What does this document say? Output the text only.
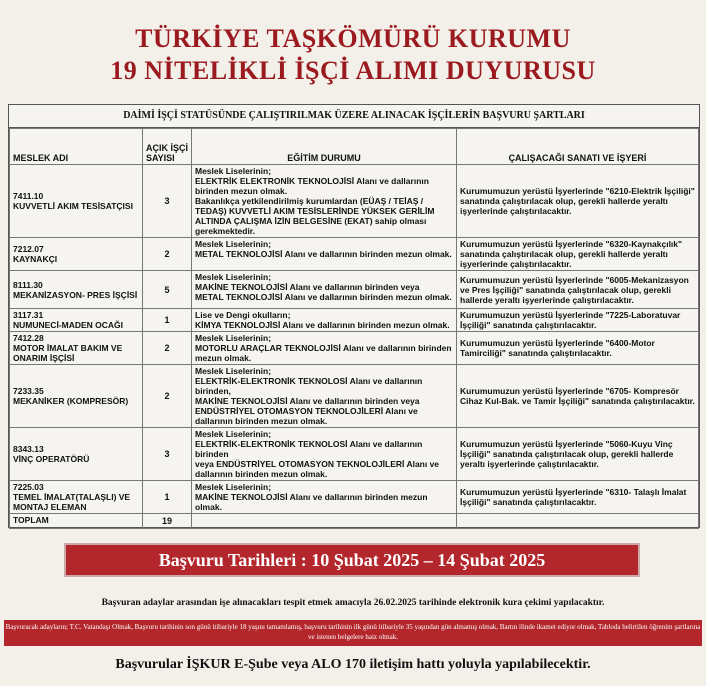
TÜRKİYE TAŞKÖMÜRÜ KURUMU
19 NİTELİKLİ İŞÇİ ALIMI DUYURUSU
DAİMİ İŞÇİ STATÜSÜNDE ÇALIŞTIRILMAK ÜZERE ALINACAK İŞÇİLERİN BAŞVURU ŞARTLARI
MESLEK ADI	AÇIK İŞÇİ SAYISI	EĞİTİM DURUMU	ÇALIŞACAĞI SANATI VE İŞYERİ

7411.10
KUVVETLİ AKIM TESİSATÇISI	3	Meslek Liselerinin;
ELEKTRİK ELEKTRONİK TEKNOLOJİSİ Alanı ve dallarının birinden mezun olmak.
Bakanlıkça yetkilendirilmiş kurumlardan (EÜAŞ / TEİAŞ / TEDAŞ) KUVVETLİ AKIM TESİSLERİNDE YÜKSEK GERİLİM ALTINDA ÇALIŞMA İZİN BELGESİNE (EKAT) sahip olması gerekmektedir.	Kurumumuzun yerüstü İşyerlerinde "6210-Elektrik İşçiliği" sanatında çalıştırılacak olup, gerekli hallerde yeraltı işyerlerinde çalıştırılacaktır.

7212.07
KAYNAKÇI	2	Meslek Liselerinin;
METAL TEKNOLOJİSİ Alanı ve dallarının birinden mezun olmak.	Kurumumuzun yerüstü İşyerlerinde "6320-Kaynakçılık" sanatında çalıştırılacak olup, gerekli hallerde yeraltı işyerlerinde çalıştırılacaktır.

8111.30
MEKANİZASYON- PRES İŞÇİSİ	5	Meslek Liselerinin;
MAKİNE TEKNOLOJİSİ Alanı ve dallarının birinden veya
METAL TEKNOLOJİSİ Alanı ve dallarının birinden mezun olmak.	Kurumumuzun yerüstü İşyerlerinde "6005-Mekanizasyon ve Pres İşçiliği" sanatında çalıştırılacak olup, gerekli hallerde yeraltı işyerlerinde çalıştırılacaktır.

3117.31
NUMUNECİ-MADEN OCAĞI	1	Lise ve Dengi okulların;
KİMYA TEKNOLOJİSİ Alanı ve dallarının birinden mezun olmak.	Kurumumuzun yerüstü İşyerlerinde "7225-Laboratuvar İşçiliği" sanatında çalıştırılacaktır.

7412.28
MOTOR İMALAT BAKIM VE ONARIM İŞÇİSİ	2	Meslek Liselerinin;
MOTORLU ARAÇLAR TEKNOLOJİSİ Alanı ve dallarının birinden mezun olmak.	Kurumumuzun yerüstü İşyerlerinde "6400-Motor Tamirciliği" sanatında çalıştırılacaktır.

7233.35
MEKANİKER (KOMPRESÖR)	2	Meslek Liselerinin;
ELEKTRİK-ELEKTRONİK TEKNOLOSİ Alanı ve dallarının birinden,
MAKİNE TEKNOLOJİSİ Alanı ve dallarının birinden veya
ENDÜSTRİYEL OTOMASYON TEKNOLOJİLERİ Alanı ve dallarının birinden mezun olmak.	Kurumumuzun yerüstü İşyerlerinde "6705- Kompresör Cihaz Kul-Bak. ve Tamir İşçiliği" sanatında çalıştırılacaktır.

8343.13
VİNÇ OPERATÖRÜ	3	Meslek Liselerinin;
ELEKTRİK-ELEKTRONİK TEKNOLOSİ Alanı ve dallarının birinden
veya ENDÜSTRİYEL OTOMASYON TEKNOLOJİLERİ Alanı ve dallarının birinden mezun olmak.	Kurumumuzun yerüstü İşyerlerinde "5060-Kuyu Vinç İşçiliği" sanatında çalıştırılacak olup, gerekli hallerde yeraltı işyerlerinde çalıştırılacaktır.

7225.03
TEMEL İMALAT(TALAŞLI) VE MONTAJ ELEMAN	1	Meslek Liselerinin;
MAKİNE TEKNOLOJİSİ Alanı ve dallarının birinden mezun olmak.	Kurumumuzun yerüstü İşyerlerinde "6310- Talaşlı İmalat İşçiliği" sanatında çalıştırılacaktır.
TOPLAM	19		
Başvuru Tarihleri : 10 Şubat 2025 – 14 Şubat 2025
Başvuran adaylar arasından işe alınacakları tespit etmek amacıyla 26.02.2025 tarihinde elektronik kura çekimi yapılacaktır.
Başvuracak adayların; T.C. Vatandaşı Olmak, Başvuru tarihinin son günü itibariyle 18 yaşını tamamlamış, başvuru tarihinin ilk günü itibariyle 35 yaşından gün almamış olmak, Bartın ilinde ikamet ediyor olmak, Tabloda belirtilen öğrenim şartlarına ve istenen belgelere haiz olmak.
Başvurular İŞKUR E-Şube veya ALO 170 iletişim hattı yoluyla yapılabilecektir.
